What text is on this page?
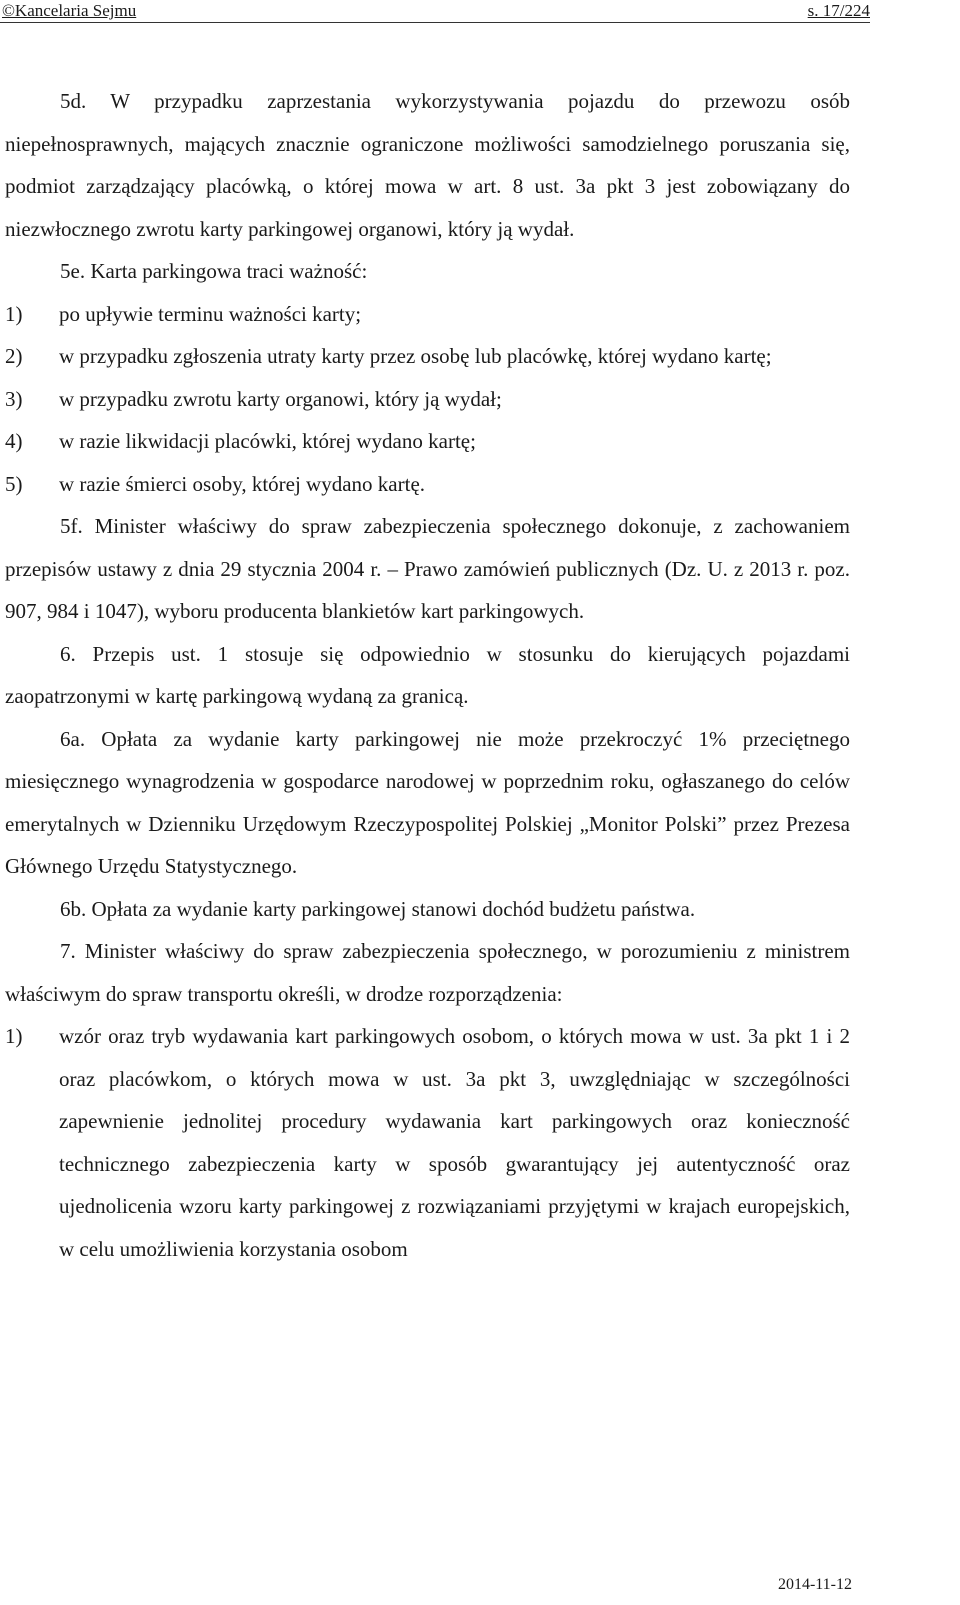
©Kancelaria Sejmu	s. 17/224

5d. W przypadku zaprzestania wykorzystywania pojazdu do przewozu osób niepełnosprawnych, mających znacznie ograniczone możliwości samodzielnego poruszania się, podmiot zarządzający placówką, o której mowa w art. 8 ust. 3a pkt 3 jest zobowiązany do niezwłocznego zwrotu karty parkingowej organowi, który ją wydał.

5e. Karta parkingowa traci ważność:

1) po upływie terminu ważności karty;
2) w przypadku zgłoszenia utraty karty przez osobę lub placówkę, której wydano kartę;
3) w przypadku zwrotu karty organowi, który ją wydał;
4) w razie likwidacji placówki, której wydano kartę;
5) w razie śmierci osoby, której wydano kartę.

5f. Minister właściwy do spraw zabezpieczenia społecznego dokonuje, z zachowaniem przepisów ustawy z dnia 29 stycznia 2004 r. – Prawo zamówień publicznych (Dz. U. z 2013 r. poz. 907, 984 i 1047), wyboru producenta blankietów kart parkingowych.

6. Przepis ust. 1 stosuje się odpowiednio w stosunku do kierujących pojazdami zaopatrzonymi w kartę parkingową wydaną za granicą.

6a. Opłata za wydanie karty parkingowej nie może przekroczyć 1% przeciętnego miesięcznego wynagrodzenia w gospodarce narodowej w poprzednim roku, ogłaszanego do celów emerytalnych w Dzienniku Urzędowym Rzeczypospolitej Polskiej „Monitor Polski” przez Prezesa Głównego Urzędu Statystycznego.

6b. Opłata za wydanie karty parkingowej stanowi dochód budżetu państwa.

7. Minister właściwy do spraw zabezpieczenia społecznego, w porozumieniu z ministrem właściwym do spraw transportu określi, w drodze rozporządzenia:

1) wzór oraz tryb wydawania kart parkingowych osobom, o których mowa w ust. 3a pkt 1 i 2 oraz placówkom, o których mowa w ust. 3a pkt 3, uwzględniając w szczególności zapewnienie jednolitej procedury wydawania kart parkingowych oraz konieczność technicznego zabezpieczenia karty w sposób gwarantujący jej autentyczność oraz ujednolicenia wzoru karty parkingowej z rozwiązaniami przyjętymi w krajach europejskich, w celu umożliwienia korzystania osobom
2014-11-12
